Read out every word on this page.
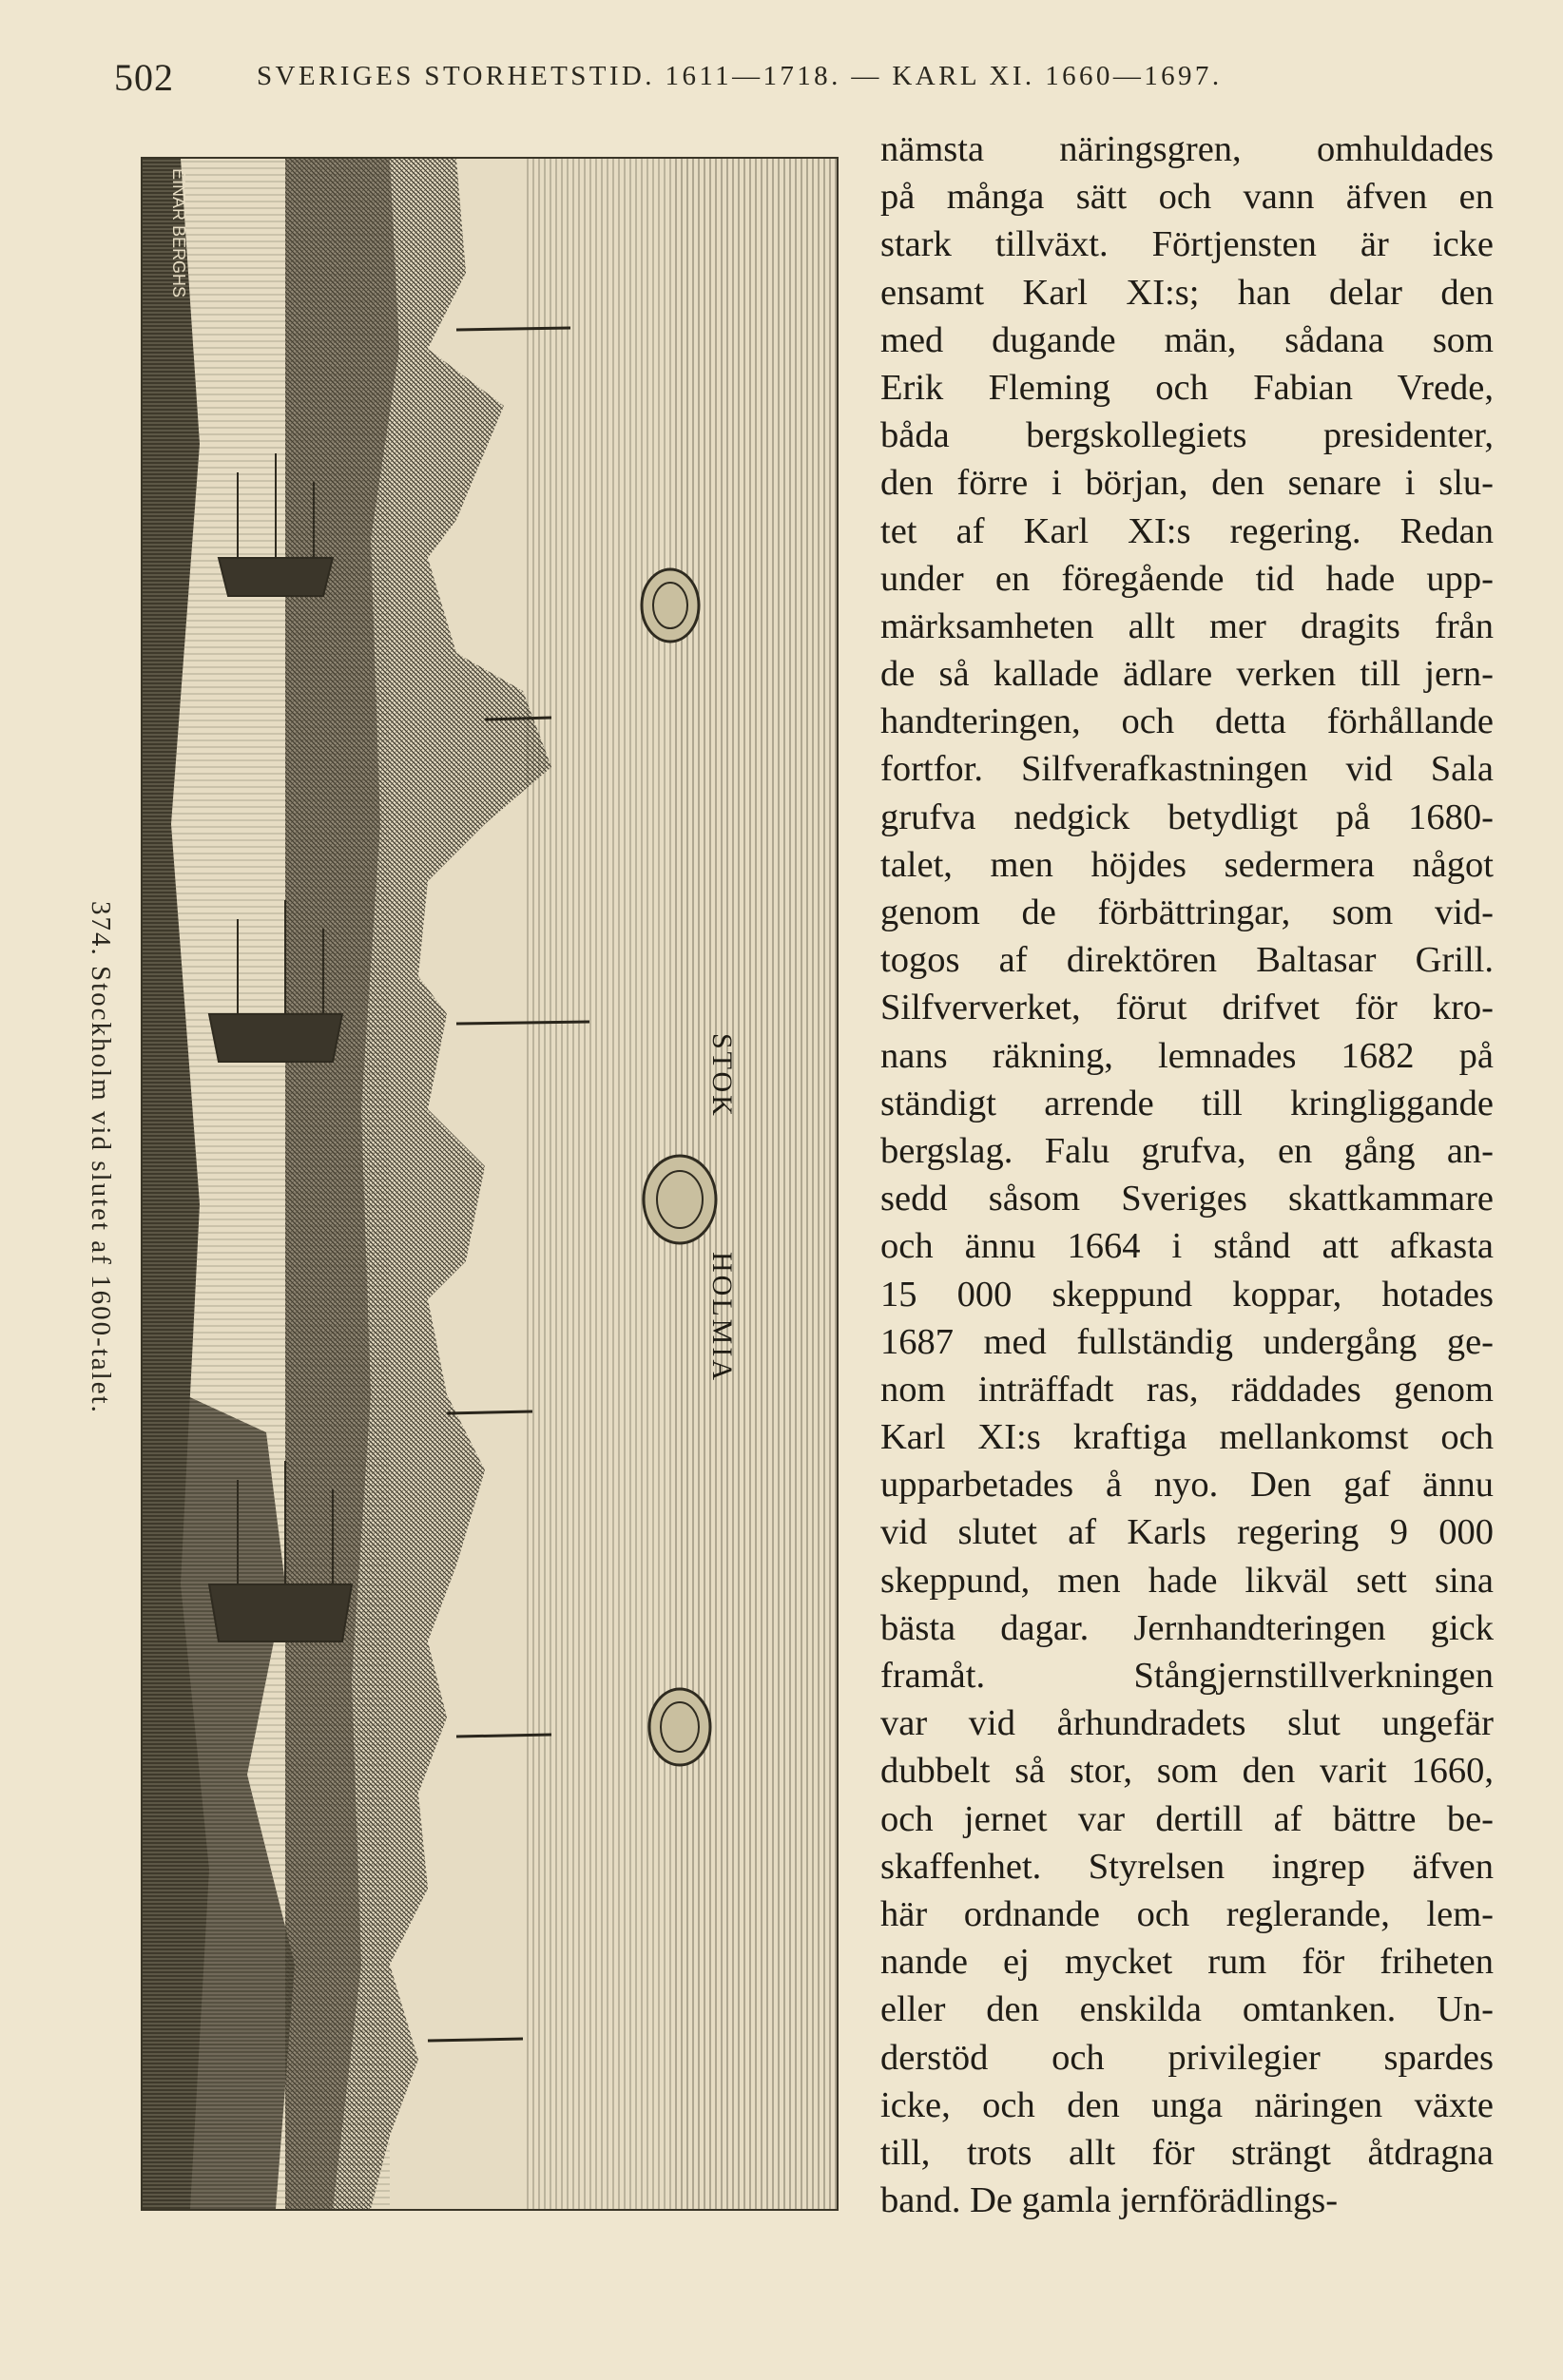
502	SVERIGES STORHETSTID. 1611—1718. — KARL XI. 1660—1697.
374. Stockholm vid slutet af 1600-talet.	STOK
HOLMIA
EINAR BERGHS
nämsta näringsgren, omhuldades
på många sätt och vann äfven en
stark tillväxt. Förtjensten är icke
ensamt Karl XI:s; han delar den
med dugande män, sådana som
Erik Fleming och Fabian Vrede,
båda bergskollegiets presidenter,
den förre i början, den senare i slu-
tet af Karl XI:s regering. Redan
under en föregående tid hade upp-
märksamheten allt mer dragits från
de så kallade ädlare verken till jern-
handteringen, och detta förhållande
fortfor. Silfverafkastningen vid Sala
grufva nedgick betydligt på 1680-
talet, men höjdes sedermera något
genom de förbättringar, som vid-
togos af direktören Baltasar Grill.
Silfververket, förut drifvet för kro-
nans räkning, lemnades 1682 på
ständigt arrende till kringliggande
bergslag. Falu grufva, en gång an-
sedd såsom Sveriges skattkammare
och ännu 1664 i stånd att afkasta
15 000 skeppund koppar, hotades
1687 med fullständig undergång ge-
nom inträffadt ras, räddades genom
Karl XI:s kraftiga mellankomst och
upparbetades å nyo. Den gaf ännu
vid slutet af Karls regering 9 000
skeppund, men hade likväl sett sina
bästa dagar. Jernhandteringen gick
framåt. Stångjernstillverkningen
var vid århundradets slut ungefär
dubbelt så stor, som den varit 1660,
och jernet var dertill af bättre be-
skaffenhet. Styrelsen ingrep äfven
här ordnande och reglerande, lem-
nande ej mycket rum för friheten
eller den enskilda omtanken. Un-
derstöd och privilegier spardes
icke, och den unga näringen växte
till, trots allt för strängt åtdragna
band. De gamla jernförädlings-
